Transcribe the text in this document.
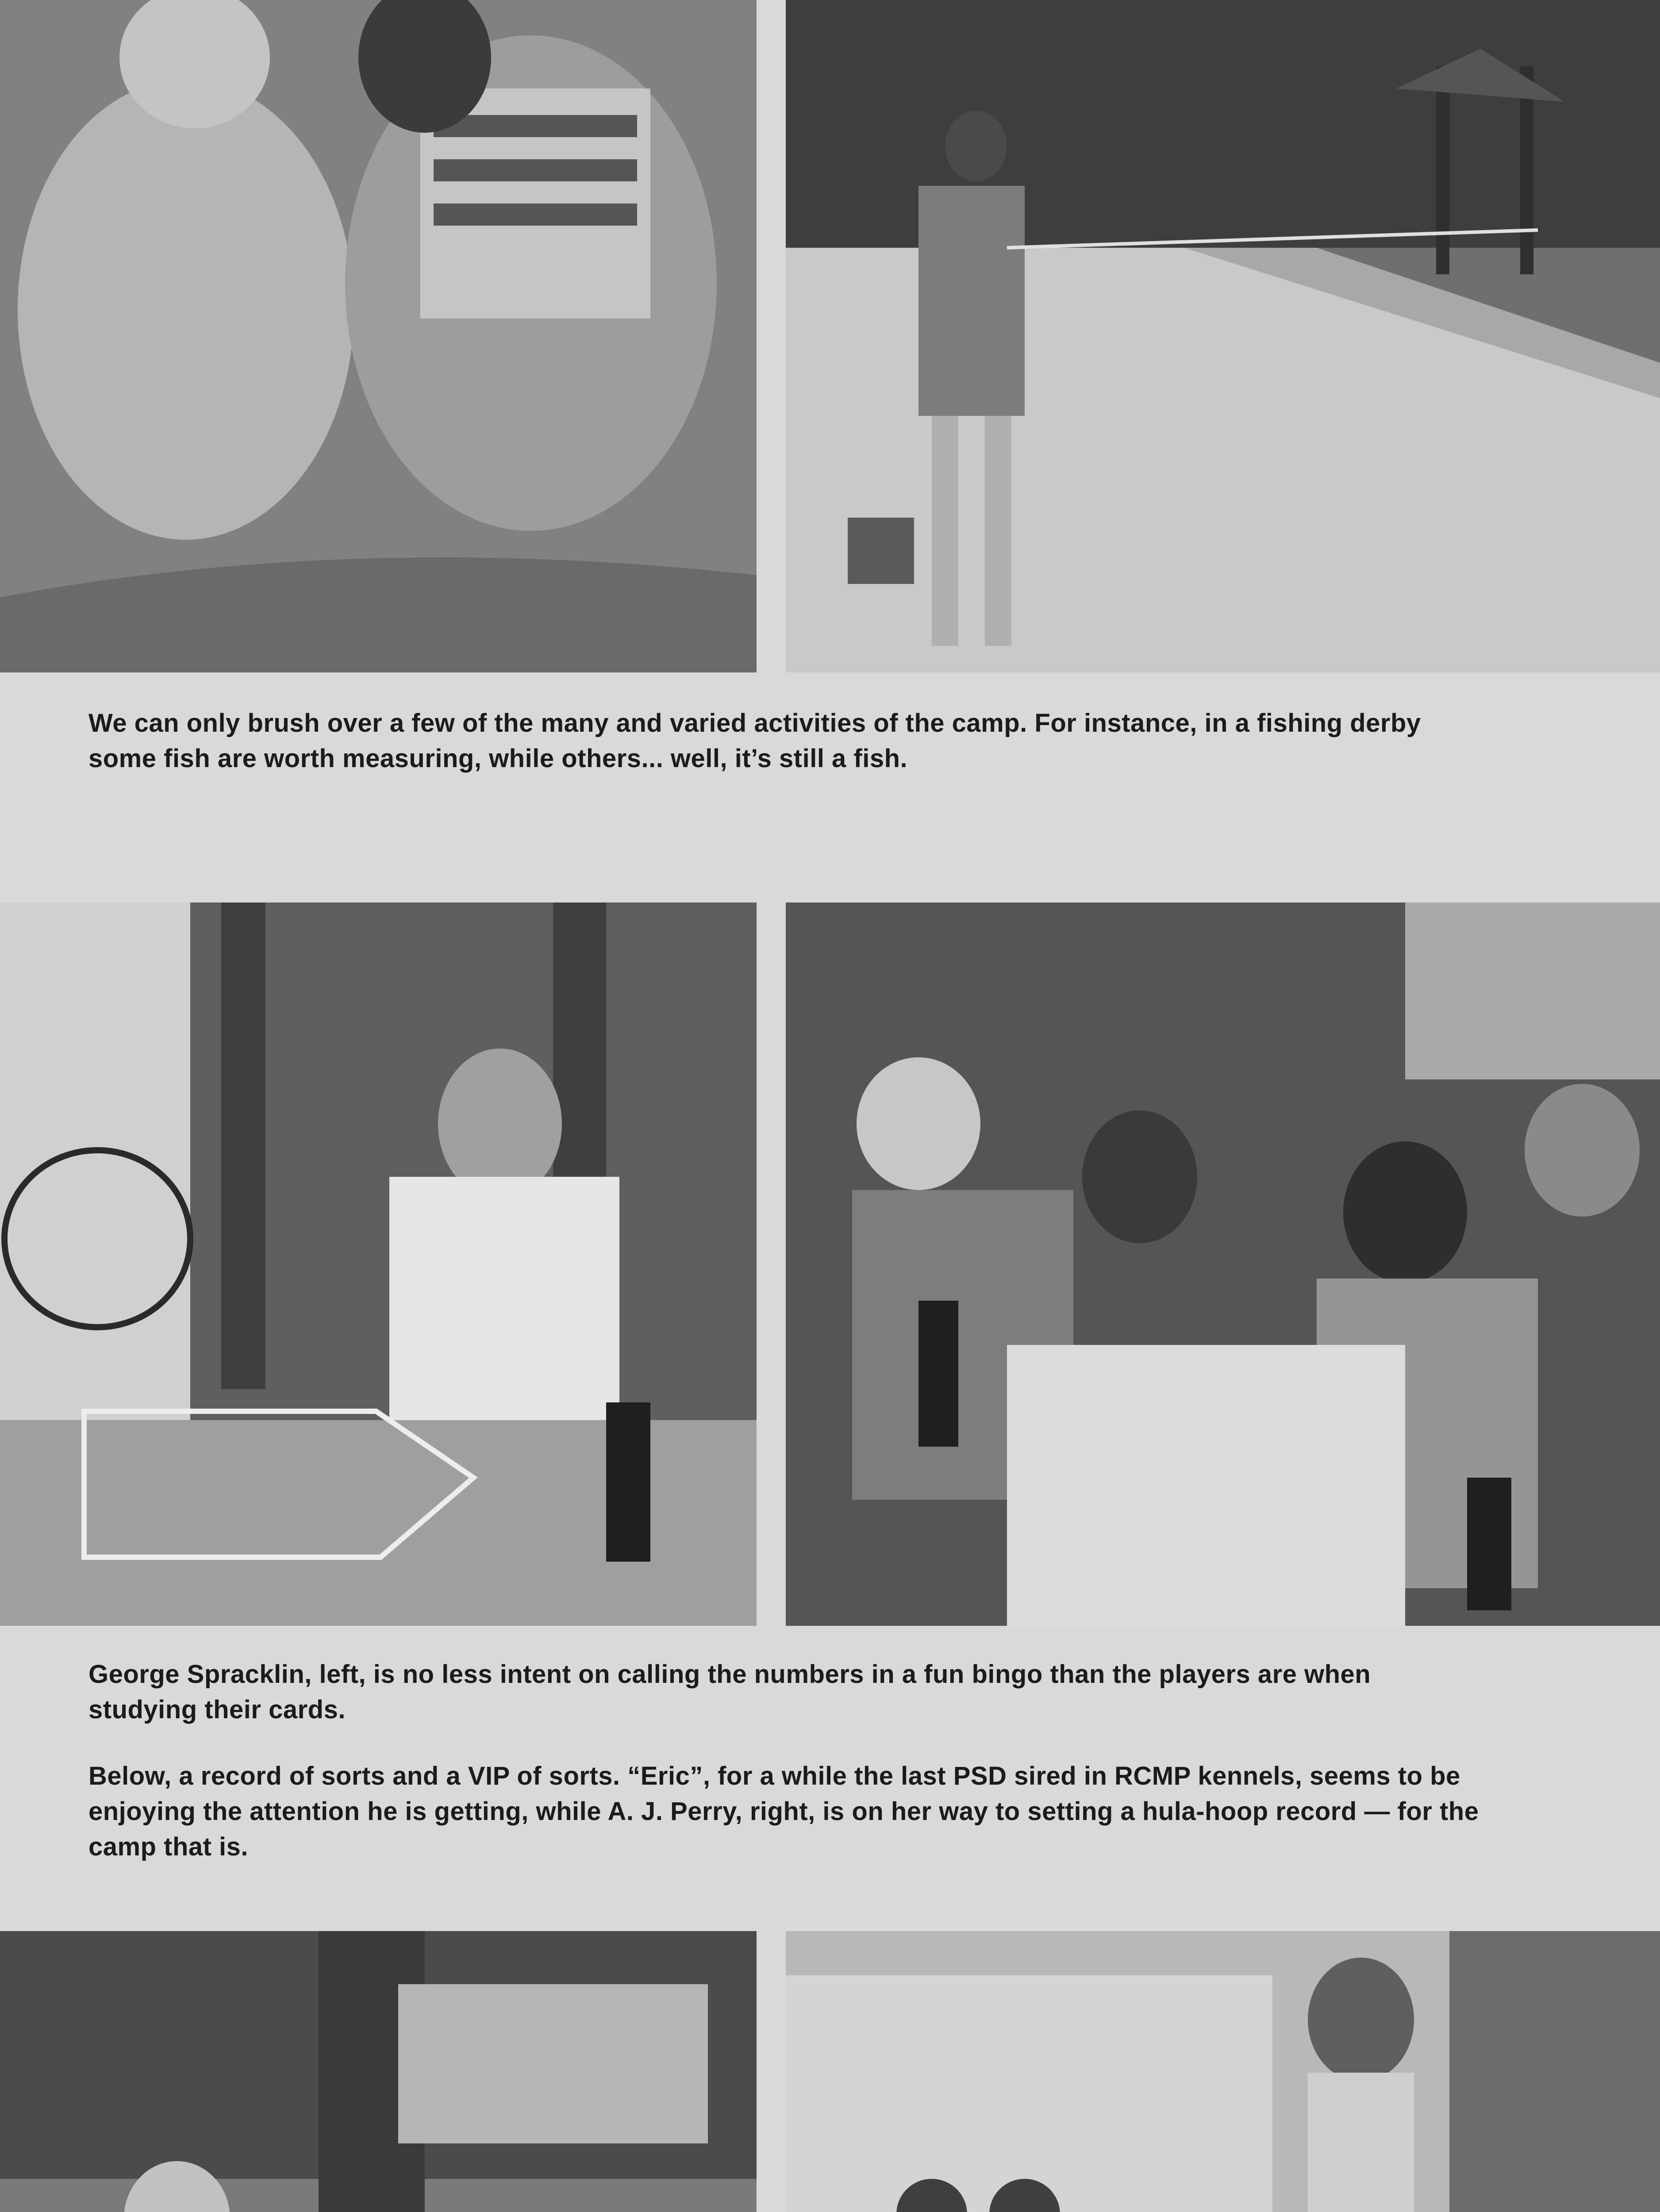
We can only brush over a few of the many and varied activities of the camp. For instance, in a fishing derby some fish are worth measuring, while others... well, it’s still a fish.

George Spracklin, left, is no less intent on calling the numbers in a fun bingo than the players are when studying their cards.

Below, a record of sorts and a VIP of sorts. “Eric”, for a while the last PSD sired in RCMP kennels, seems to be enjoying the attention he is getting, while A. J. Perry, right, is on her way to setting a hula-hoop record — for the camp that is.
